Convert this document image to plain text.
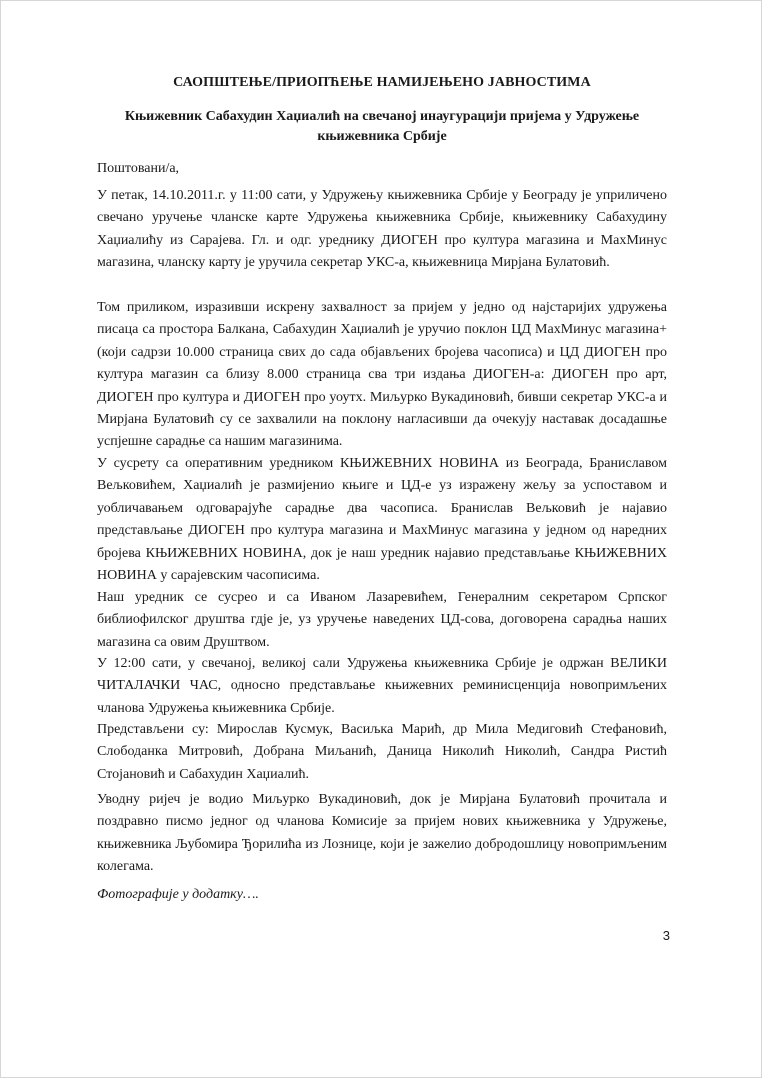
САОПШТЕЊЕ/ПРИОПЋЕЊЕ НАМИЈЕЊЕНО ЈАВНОСТИМА

Књижевник Сабахудин Хаџиалић на свечаној инаугурацији пријема у Удружење књижевника Србије

Поштовани/а,

У петак, 14.10.2011.г. у 11:00 сати, у Удружењу књижевника Србије у Београду је уприличено свечано уручење чланске карте Удружења књижевника Србије, књижевнику Сабахудину Хаџиалићу из Сарајева. Гл. и одг. уреднику ДИОГЕН про култура магазина и МахМинус магазина, чланску карту је уручила секретар УКС-а, књижевница Мирјана Булатовић.

Том приликом, изразивши искрену захвалност за пријем у једно од најстаријих удружења писаца са простора Балкана, Сабахудин Хаџиалић је уручио поклон ЦД МахМинус магазина+ (који садрзи 10.000 страница свих до сада објављених бројева часописа) и ЦД ДИОГЕН про култура магазин са близу 8.000 страница сва три издања ДИОГЕН-а: ДИОГЕН про арт, ДИОГЕН про култура и ДИОГЕН про уоутх. Миљурко Вукадиновић, бивши секретар УКС-а и Мирјана Булатовић су се захвалили на поклону нагласивши да очекују наставак досадашње успјешне сарадње са нашим магазинима.

У сусрету са оперативним уредником КЊИЖЕВНИХ НОВИНА из Београда, Браниславом Вељковићем, Хаџиалић је размијенио књиге и ЦД-е уз изражену жељу за успоставом и уобличавањем одговарајуће сарадње два часописа. Бранислав Вељковић је најавио представљање ДИОГЕН про култура магазина и МахМинус магазина у једном од наредних бројева КЊИЖЕВНИХ НОВИНА, док је наш уредник најавио представљање КЊИЖЕВНИХ НОВИНА у сарајевским часописима.

Наш уредник се сусрео и са Иваном Лазаревићем, Генералним секретаром Српског библиофилског друштва гдје је, уз уручење наведених ЦД-сова, договорена сарадња наших магазина са овим Друштвом.

У 12:00 сати, у свечаној, великој сали Удружења књижевника Србије је одржан ВЕЛИКИ ЧИТАЛАЧКИ ЧАС, односно представљање књижевних реминисценција новопримљених чланова Удружења књижевника Србије.

Представљени су: Мирослав Кусмук, Васиљка Марић, др Мила Медиговић Стефановић, Слободанка Митровић, Добрана Миљанић, Даница Николић Николић, Сандра Ристић Стојановић и Сабахудин Хаџиалић.

Уводну ријеч је водио Миљурко Вукадиновић, док је Мирјана Булатовић прочитала и поздравно писмо једног од чланова Комисије за пријем нових књижевника у Удружење, књижевника Љубомира Ђорилића из Лознице, који је зажелио добродошлицу новопримљеним колегама.

Фотографије у додатку….

3
